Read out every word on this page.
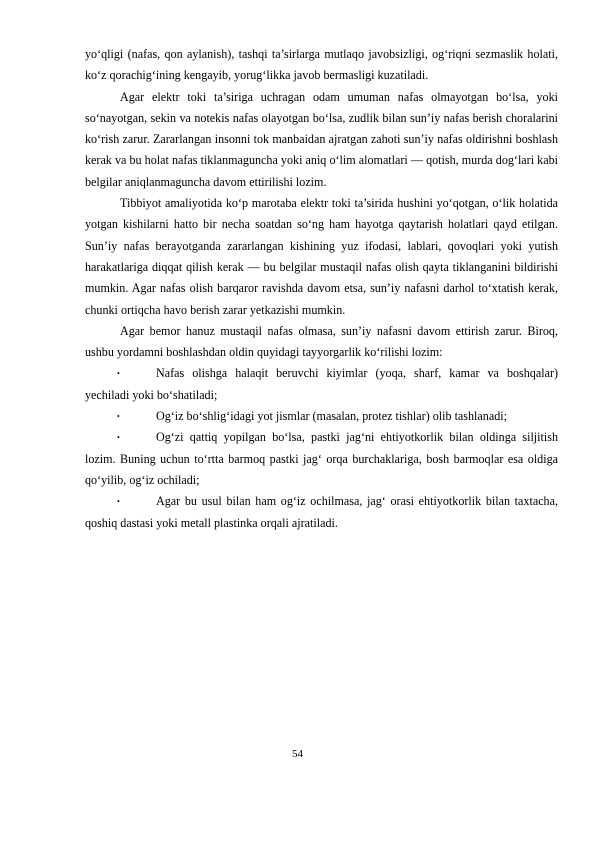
yo‘qligi (nafas, qon aylanish), tashqi ta’sirlarga mutlaqo javobsizligi, og‘riqni sezmaslik holati, ko‘z qorachig‘ining kengayib, yorug‘likka javob bermasligi kuzatiladi.

Agar elektr toki ta’siriga uchragan odam umuman nafas olmayotgan bo‘lsa, yoki so‘nayotgan, sekin va notekis nafas olayotgan bo‘lsa, zudlik bilan sun’iy nafas berish choralarini ko‘rish zarur. Zararlangan insonni tok manbaidan ajratgan zahoti sun’iy nafas oldirishni boshlash kerak va bu holat nafas tiklanmaguncha yoki aniq o‘lim alomatlari — qotish, murda dog‘lari kabi belgilar aniqlanmaguncha davom ettirilishi lozim.

Tibbiyot amaliyotida ko‘p marotaba elektr toki ta’sirida hushini yo‘qotgan, o‘lik holatida yotgan kishilarni hatto bir necha soatdan so‘ng ham hayotga qaytarish holatlari qayd etilgan. Sun’iy nafas berayotganda zararlangan kishining yuz ifodasi, lablari, qovoqlari yoki yutish harakatlariga diqqat qilish kerak — bu belgilar mustaqil nafas olish qayta tiklanganini bildirishi mumkin. Agar nafas olish barqaror ravishda davom etsa, sun’iy nafasni darhol to‘xtatish kerak, chunki ortiqcha havo berish zarar yetkazishi mumkin.

Agar bemor hanuz mustaqil nafas olmasa, sun’iy nafasni davom ettirish zarur. Biroq, ushbu yordamni boshlashdan oldin quyidagi tayyorgarlik ko‘rilishi lozim:

•	Nafas olishga halaqit beruvchi kiyimlar (yoqa, sharf, kamar va boshqalar) yechiladi yoki bo‘shatiladi;
•	Og‘iz bo‘shlig‘idagi yot jismlar (masalan, protez tishlar) olib tashlanadi;
•	Og‘zi qattiq yopilgan bo‘lsa, pastki jag‘ni ehtiyotkorlik bilan oldinga siljitish lozim. Buning uchun to‘rtta barmoq pastki jag‘ orqa burchaklariga, bosh barmoqlar esa oldiga qo‘yilib, og‘iz ochiladi;
•	Agar bu usul bilan ham og‘iz ochilmasa, jag‘ orasi ehtiyotkorlik bilan taxtacha, qoshiq dastasi yoki metall plastinka orqali ajratiladi.
54
